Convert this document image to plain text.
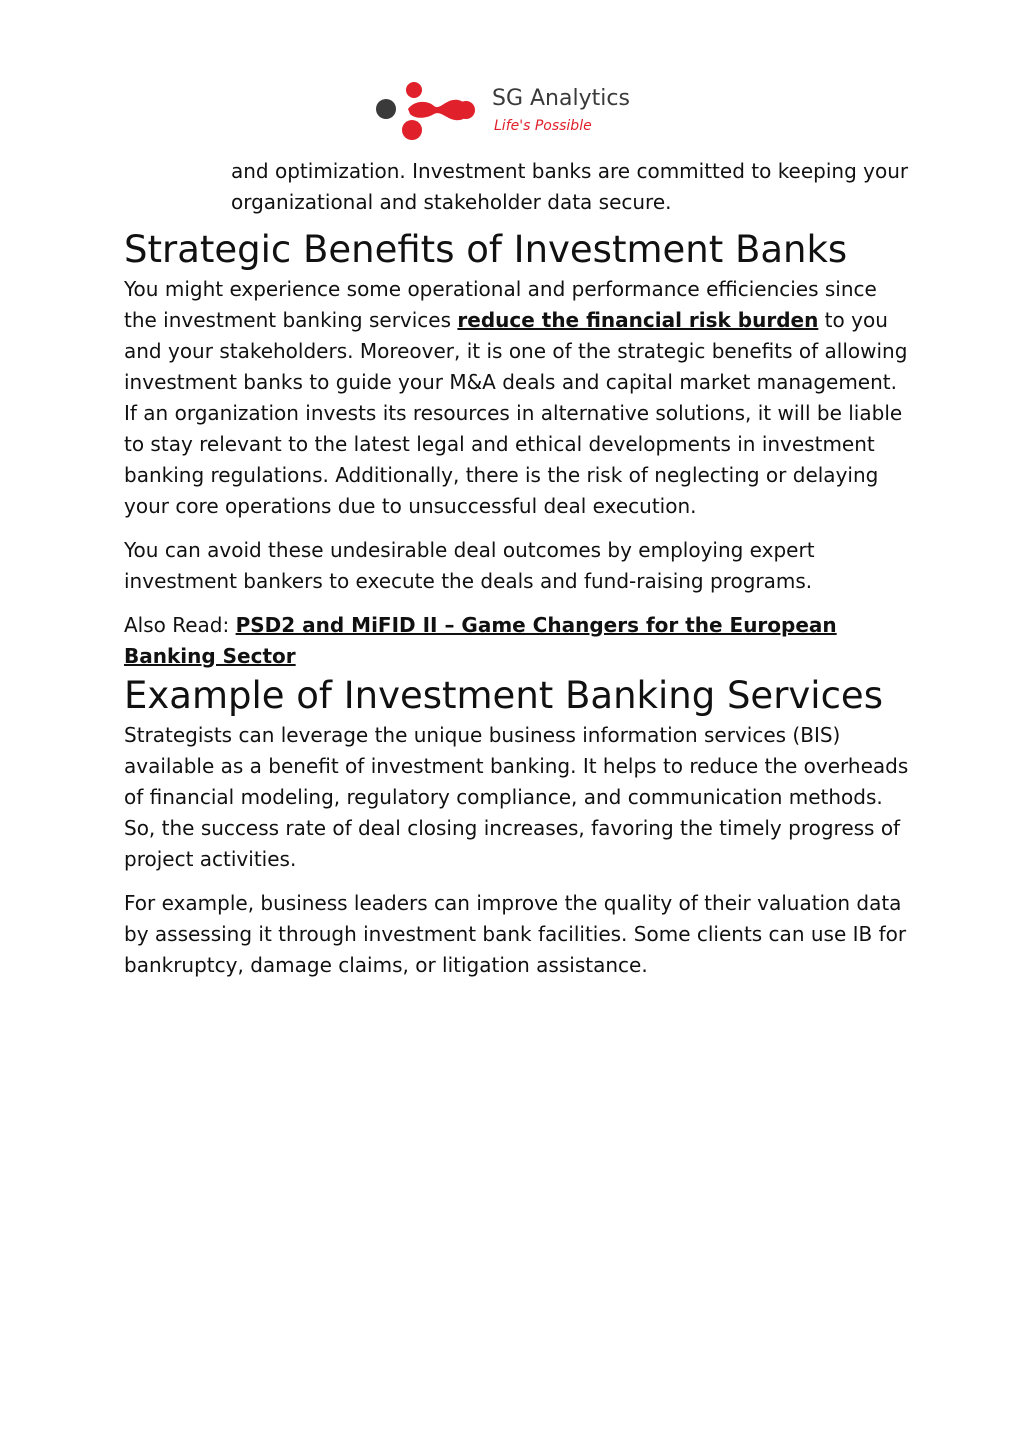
SG Analytics
Life's Possible

and optimization. Investment banks are committed to keeping your organizational and stakeholder data secure.

Strategic Benefits of Investment Banks

You might experience some operational and performance efficiencies since the investment banking services reduce the financial risk burden to you and your stakeholders. Moreover, it is one of the strategic benefits of allowing investment banks to guide your M&A deals and capital market management.

If an organization invests its resources in alternative solutions, it will be liable to stay relevant to the latest legal and ethical developments in investment banking regulations. Additionally, there is the risk of neglecting or delaying your core operations due to unsuccessful deal execution.

You can avoid these undesirable deal outcomes by employing expert investment bankers to execute the deals and fund-raising programs.

Also Read: PSD2 and MiFID II – Game Changers for the European Banking Sector

Example of Investment Banking Services

Strategists can leverage the unique business information services (BIS) available as a benefit of investment banking. It helps to reduce the overheads of financial modeling, regulatory compliance, and communication methods. So, the success rate of deal closing increases, favoring the timely progress of project activities.

For example, business leaders can improve the quality of their valuation data by assessing it through investment bank facilities. Some clients can use IB for bankruptcy, damage claims, or litigation assistance.
